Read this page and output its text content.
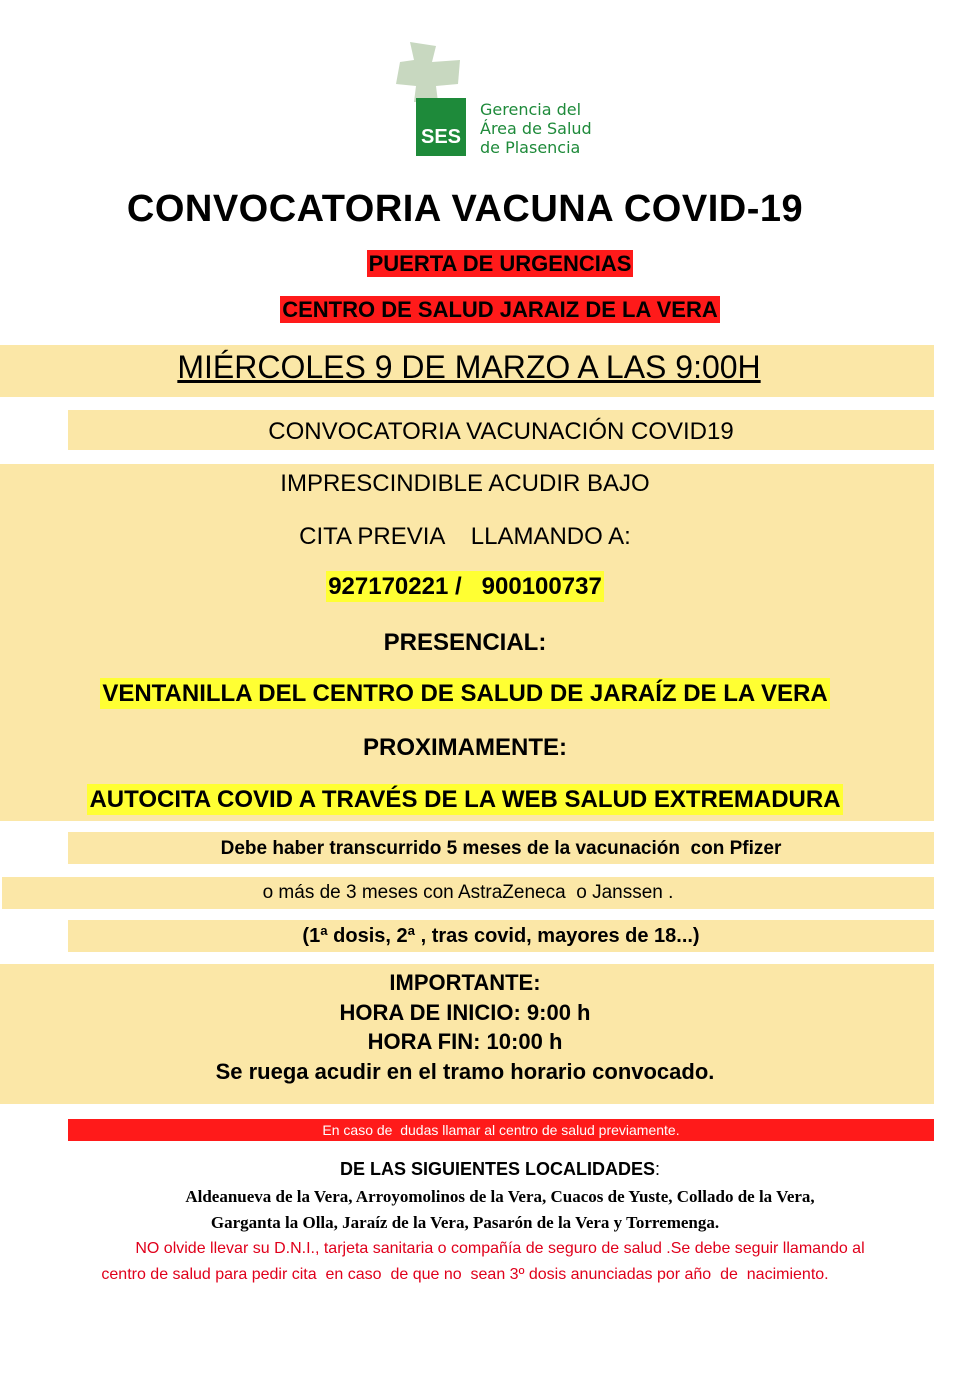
SES
Gerencia del
Área de Salud
de Plasencia
CONVOCATORIA VACUNA COVID-19
PUERTA DE URGENCIAS
CENTRO DE SALUD JARAIZ DE LA VERA
MIÉRCOLES 9 DE MARZO A LAS 9:00H
CONVOCATORIA VACUNACIÓN COVID19
IMPRESCINDIBLE ACUDIR BAJO
CITA PREVIA    LLAMANDO A:
927170221 /   900100737
PRESENCIAL:
VENTANILLA DEL CENTRO DE SALUD DE JARAÍZ DE LA VERA
PROXIMAMENTE:
AUTOCITA COVID A TRAVÉS DE LA WEB SALUD EXTREMADURA
Debe haber transcurrido 5 meses de la vacunación  con Pfizer
o más de 3 meses con AstraZeneca  o Janssen .
(1ª dosis, 2ª , tras covid, mayores de 18...)
IMPORTANTE:
HORA DE INICIO: 9:00 h
HORA FIN: 10:00 h
Se ruega acudir en el tramo horario convocado.
En caso de  dudas llamar al centro de salud previamente.
DE LAS SIGUIENTES LOCALIDADES:
Aldeanueva de la Vera, Arroyomolinos de la Vera, Cuacos de Yuste, Collado de la Vera,
Garganta la Olla, Jaraíz de la Vera, Pasarón de la Vera y Torremenga.
NO olvide llevar su D.N.I., tarjeta sanitaria o compañía de seguro de salud .Se debe seguir llamando al
centro de salud para pedir cita  en caso  de que no  sean 3º dosis anunciadas por año  de  nacimiento.
